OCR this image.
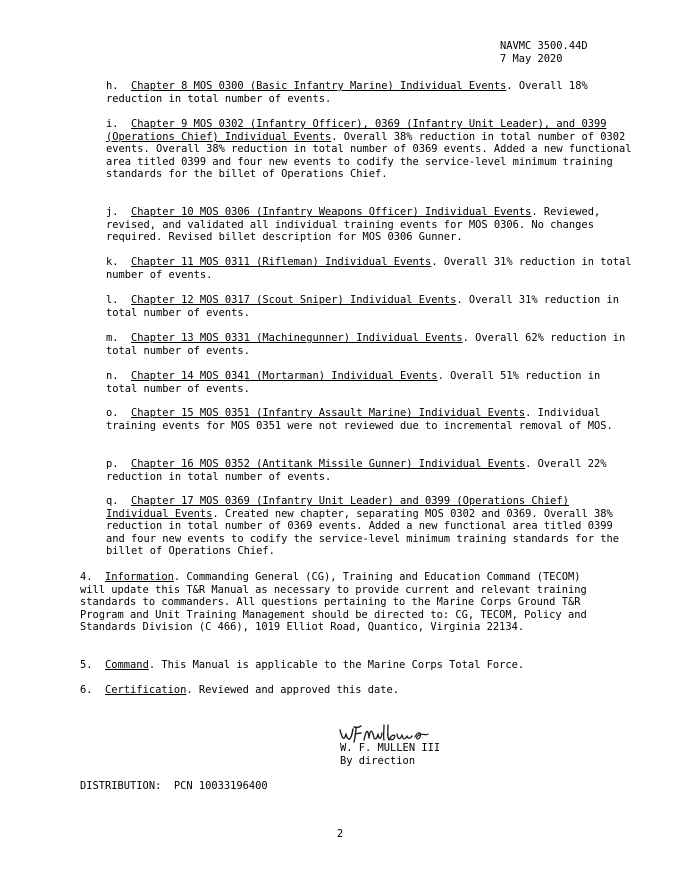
NAVMC 3500.44D
7 May 2020
h. Chapter 8 MOS 0300 (Basic Infantry Marine) Individual Events. Overall 18% reduction in total number of events.
i. Chapter 9 MOS 0302 (Infantry Officer), 0369 (Infantry Unit Leader), and 0399 (Operations Chief) Individual Events. Overall 38% reduction in total number of 0302 events. Overall 38% reduction in total number of 0369 events. Added a new functional area titled 0399 and four new events to codify the service-level minimum training standards for the billet of Operations Chief.
j. Chapter 10 MOS 0306 (Infantry Weapons Officer) Individual Events. Reviewed, revised, and validated all individual training events for MOS 0306. No changes required. Revised billet description for MOS 0306 Gunner.
k. Chapter 11 MOS 0311 (Rifleman) Individual Events. Overall 31% reduction in total number of events.
l. Chapter 12 MOS 0317 (Scout Sniper) Individual Events. Overall 31% reduction in total number of events.
m. Chapter 13 MOS 0331 (Machinegunner) Individual Events. Overall 62% reduction in total number of events.
n. Chapter 14 MOS 0341 (Mortarman) Individual Events. Overall 51% reduction in total number of events.
o. Chapter 15 MOS 0351 (Infantry Assault Marine) Individual Events. Individual training events for MOS 0351 were not reviewed due to incremental removal of MOS.
p. Chapter 16 MOS 0352 (Antitank Missile Gunner) Individual Events. Overall 22% reduction in total number of events.
q. Chapter 17 MOS 0369 (Infantry Unit Leader) and 0399 (Operations Chief) Individual Events. Created new chapter, separating MOS 0302 and 0369. Overall 38% reduction in total number of 0369 events. Added a new functional area titled 0399 and four new events to codify the service-level minimum training standards for the billet of Operations Chief.
4. Information. Commanding General (CG), Training and Education Command (TECOM) will update this T&R Manual as necessary to provide current and relevant training standards to commanders. All questions pertaining to the Marine Corps Ground T&R Program and Unit Training Management should be directed to: CG, TECOM, Policy and Standards Division (C 466), 1019 Elliot Road, Quantico, Virginia 22134.
5. Command. This Manual is applicable to the Marine Corps Total Force.
6. Certification. Reviewed and approved this date.
W. F. MULLEN III
By direction
DISTRIBUTION: PCN 10033196400
2
